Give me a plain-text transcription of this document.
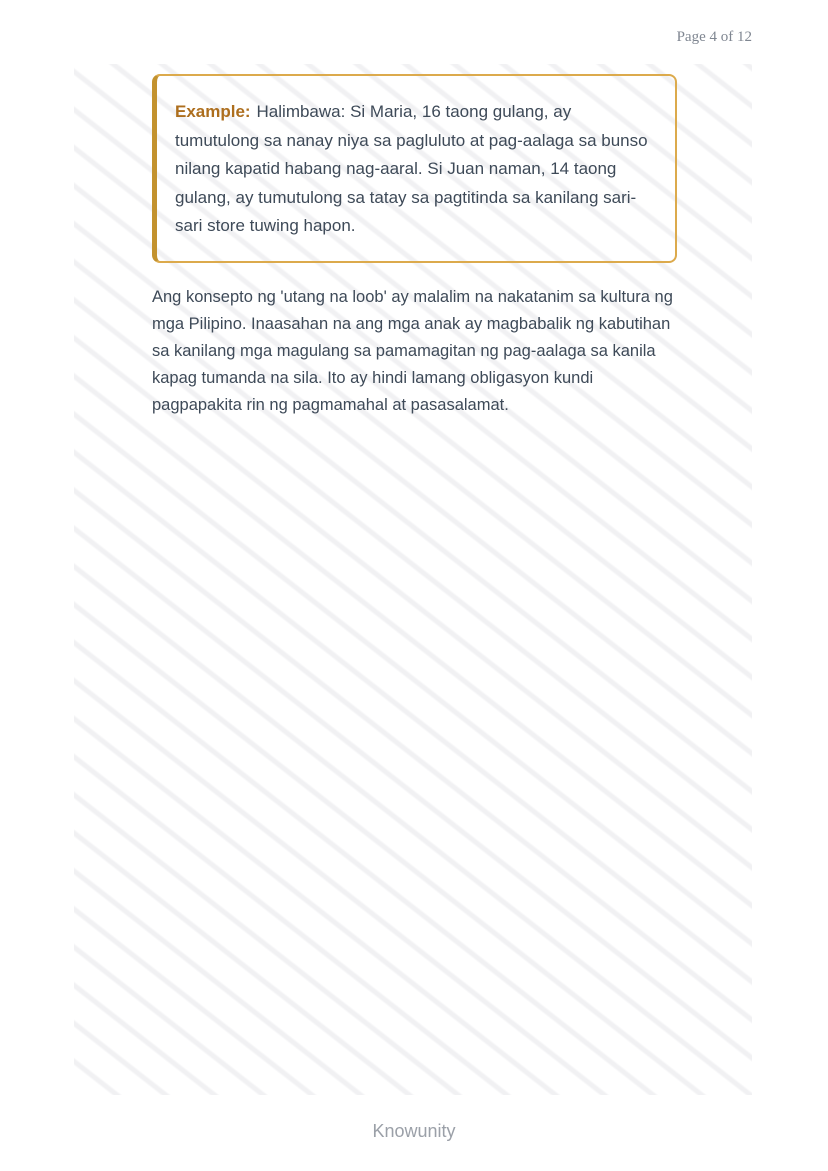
Page 4 of 12
Example: Halimbawa: Si Maria, 16 taong gulang, ay tumutulong sa nanay niya sa pagluluto at pag-aalaga sa bunso nilang kapatid habang nag-aaral. Si Juan naman, 14 taong gulang, ay tumutulong sa tatay sa pagtitinda sa kanilang sari-sari store tuwing hapon.

Ang konsepto ng 'utang na loob' ay malalim na nakatanim sa kultura ng mga Pilipino. Inaasahan na ang mga anak ay magbabalik ng kabutihan sa kanilang mga magulang sa pamamagitan ng pag-aalaga sa kanila kapag tumanda na sila. Ito ay hindi lamang obligasyon kundi pagpapakita rin ng pagmamahal at pasasalamat.

Knowunity
